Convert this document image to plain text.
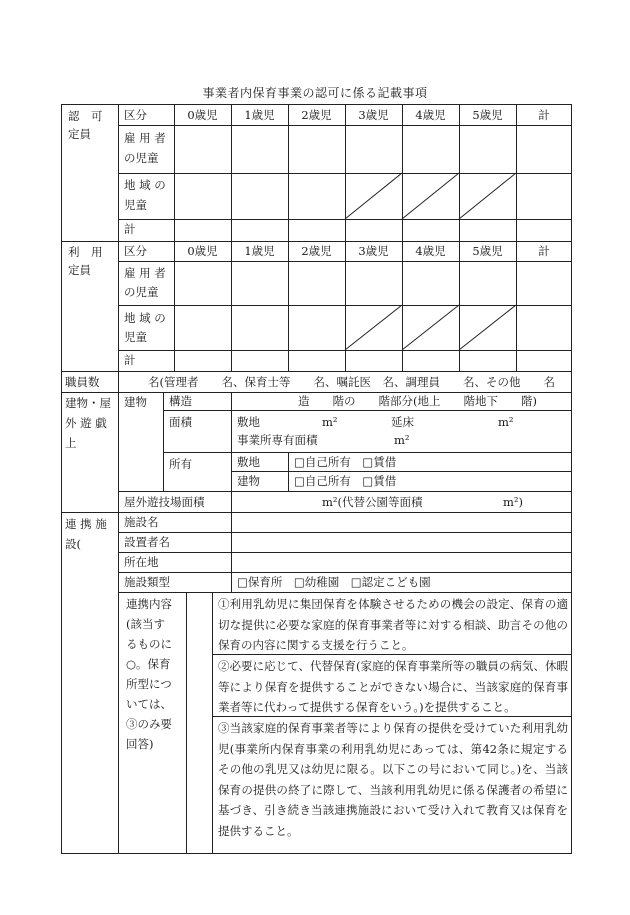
事業者内保育事業の認可に係る記載事項
認　可
定員
区分	0歳児	1歳児	2歳児	3歳児	4歳児	5歳児	計
雇 用 者
の児童
地 域 の
児童
計
利　用
定員
区分	0歳児	1歳児	2歳児	3歳児	4歳児	5歳児	計
雇 用 者
の児童
地 域 の
児童
計
職員数	名(管理者　　名、保育士等　　名、嘱託医　名、調理員　　名、その他　　名
建物・屋
外 遊 戯
上
建物 構造	造　　階の　　階部分(地上　　階地下　　階)
面積	敷地	m²	延床	m²
事業所専有面積	m²
所有	敷地	□自己所有　□賃借
建物	□自己所有　□賃借
屋外遊技場面積	m²(代替公園等面積　　　　　　　m²)
連 携 施
設(
施設名
設置者名
所在地
施設類型	□保育所　□幼稚園　□認定こども園
連携内容
(該当す
るものに
○。保育
所型につ
いては、
③のみ要
回答)
①利用乳幼児に集団保育を体験させるための機会の設定、保育の適切な提供に必要な家庭的保育事業者等に対する相談、助言その他の保育の内容に関する支援を行うこと。
②必要に応じて、代替保育(家庭的保育事業所等の職員の病気、休暇等により保育を提供することができない場合に、当該家庭的保育事業者等に代わって提供する保育をいう。)を提供すること。
③当該家庭的保育事業者等により保育の提供を受けていた利用乳幼児(事業所内保育事業の利用乳幼児にあっては、第42条に規定するその他の乳児又は幼児に限る。以下この号において同じ。)を、当該保育の提供の終了に際して、当該利用乳幼児に係る保護者の希望に基づき、引き続き当該連携施設において受け入れて教育又は保育を提供すること。
